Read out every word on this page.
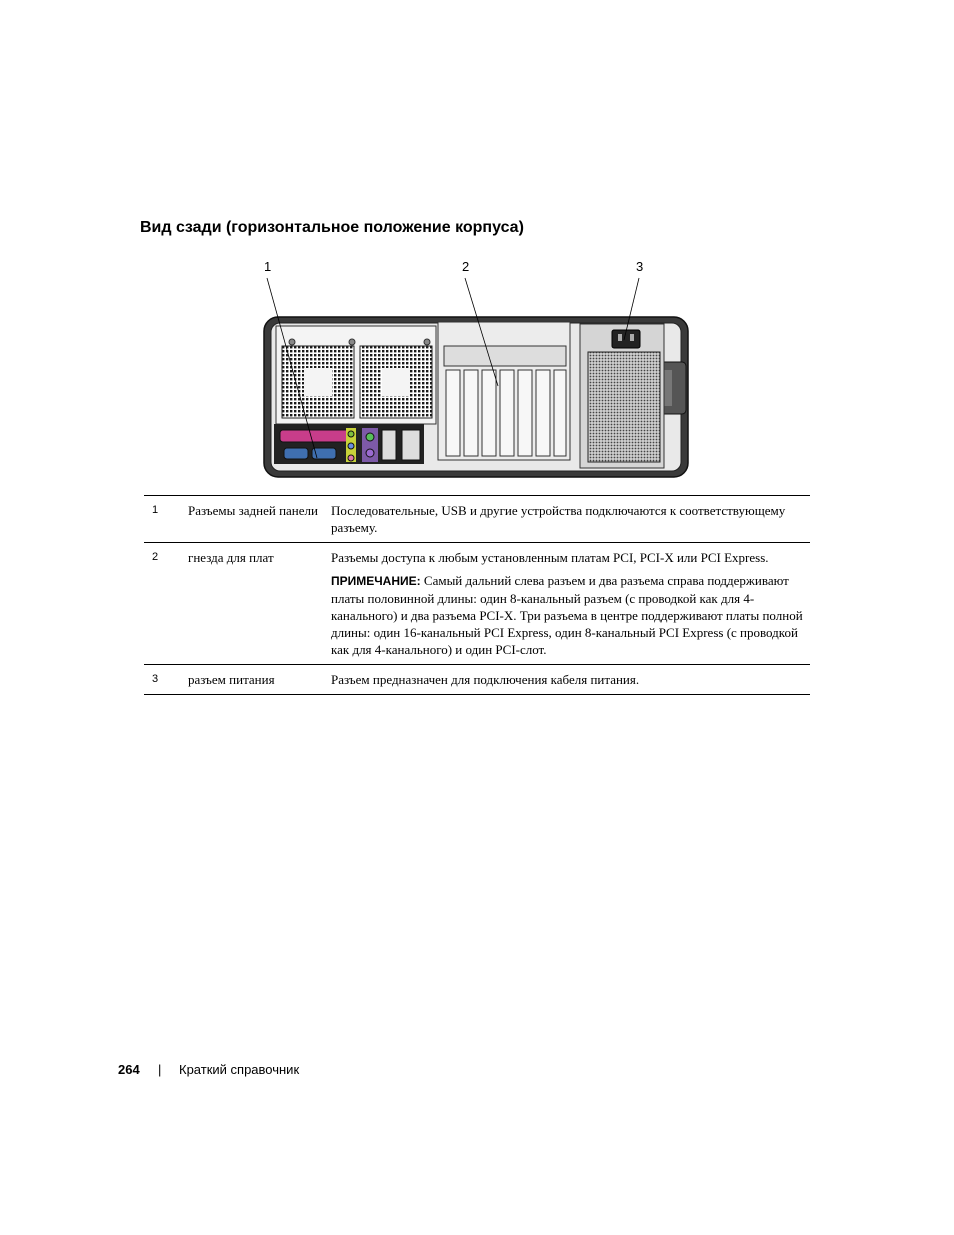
Вид сзади (горизонтальное положение корпуса)
1	2	3
1	Разъемы задней панели	Последовательные, USB и другие устройства подключаются к соответствующему разъему.
2	гнезда для плат	Разъемы доступа к любым установленным платам PCI, PCI-X или PCI Express.
ПРИМЕЧАНИЕ: Самый дальний слева разъем и два разъема справа поддерживают платы половинной длины: один 8-канальный разъем (с проводкой как для 4-канального) и два разъема PCI-X. Три разъема в центре поддерживают платы полной длины: один 16-канальный PCI Express, один 8-канальный PCI Express (с проводкой как для 4-канального) и один PCI-слот.

3	разъем питания	Разъем предназначен для подключения кабеля питания.
264 | Краткий справочник
